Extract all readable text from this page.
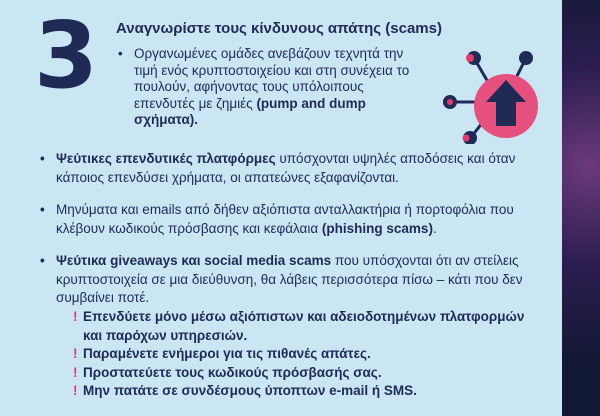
3 Αναγνωρίστε τους κίνδυνους απάτης (scams)
• Οργανωμένες ομάδες ανεβάζουν τεχνητά την τιμή ενός κρυπτοστοιχείου και στη συνέχεια το πουλούν, αφήνοντας τους υπόλοιπους επενδυτές με ζημιές (pump and dump σχήματα).
• Ψεύτικες επενδυτικές πλατφόρμες υπόσχονται υψηλές αποδόσεις και όταν κάποιος επενδύσει χρήματα, οι απατεώνες εξαφανίζονται.
• Μηνύματα και emails από δήθεν αξιόπιστα ανταλλακτήρια ή πορτοφόλια που κλέβουν κωδικούς πρόσβασης και κεφάλαια (phishing scams).
• Ψεύτικα giveaways και social media scams που υπόσχονται ότι αν στείλεις κρυπτοστοιχεία σε μια διεύθυνση, θα λάβεις περισσότερα πίσω – κάτι που δεν συμβαίνει ποτέ.
! Επενδύετε μόνο μέσω αξιόπιστων και αδειοδοτημένων πλατφορμών και παρόχων υπηρεσιών.
! Παραμένετε ενήμεροι για τις πιθανές απάτες.
! Προστατεύετε τους κωδικούς πρόσβασής σας.
! Μην πατάτε σε συνδέσμους ύποπτων e-mail ή SMS.
